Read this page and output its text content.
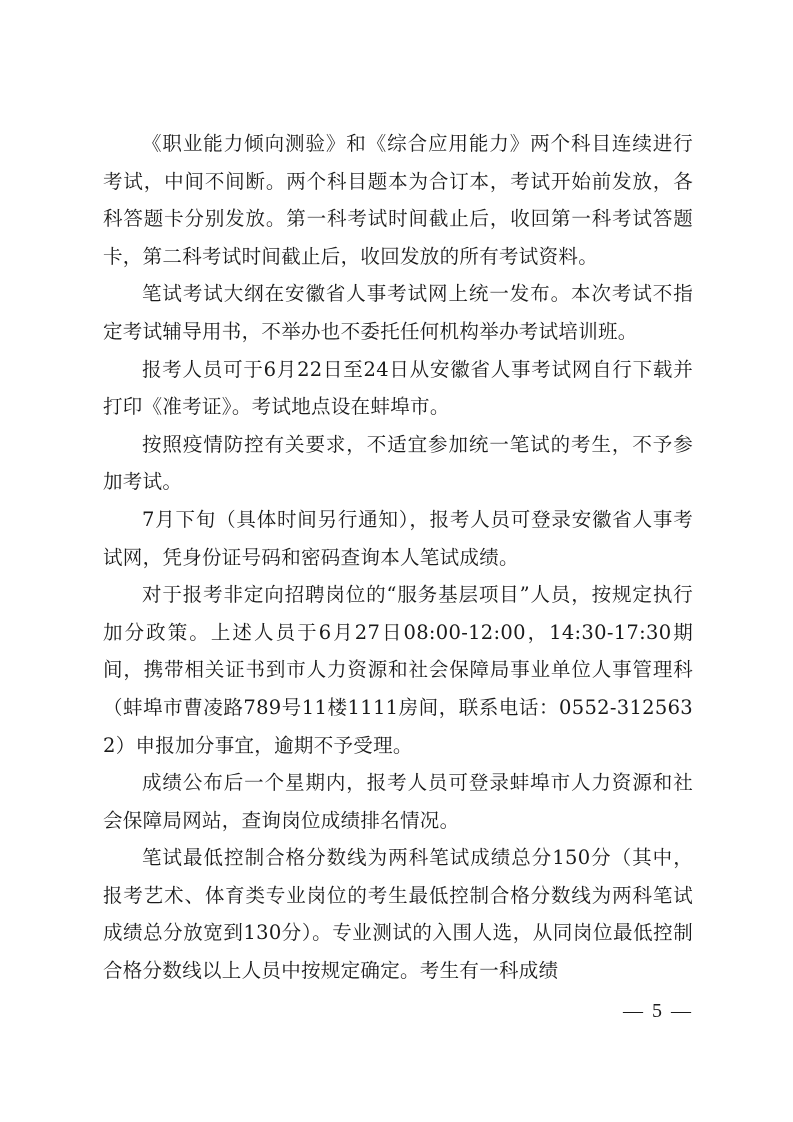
《职业能力倾向测验》和《综合应用能力》两个科目连续进行考试，中间不间断。两个科目题本为合订本，考试开始前发放，各科答题卡分别发放。第一科考试时间截止后，收回第一科考试答题卡，第二科考试时间截止后，收回发放的所有考试资料。

笔试考试大纲在安徽省人事考试网上统一发布。本次考试不指定考试辅导用书，不举办也不委托任何机构举办考试培训班。

报考人员可于6月22日至24日从安徽省人事考试网自行下载并打印《准考证》。考试地点设在蚌埠市。

按照疫情防控有关要求，不适宜参加统一笔试的考生，不予参加考试。

7月下旬（具体时间另行通知），报考人员可登录安徽省人事考试网，凭身份证号码和密码查询本人笔试成绩。

对于报考非定向招聘岗位的“服务基层项目”人员，按规定执行加分政策。上述人员于6月27日08:00-12:00，14:30-17:30期间，携带相关证书到市人力资源和社会保障局事业单位人事管理科（蚌埠市曹凌路789号11楼1111房间，联系电话：0552-3125632）申报加分事宜，逾期不予受理。

成绩公布后一个星期内，报考人员可登录蚌埠市人力资源和社会保障局网站，查询岗位成绩排名情况。

笔试最低控制合格分数线为两科笔试成绩总分150分（其中，报考艺术、体育类专业岗位的考生最低控制合格分数线为两科笔试成绩总分放宽到130分）。专业测试的入围人选，从同岗位最低控制合格分数线以上人员中按规定确定。考生有一科成绩

— 5 —
